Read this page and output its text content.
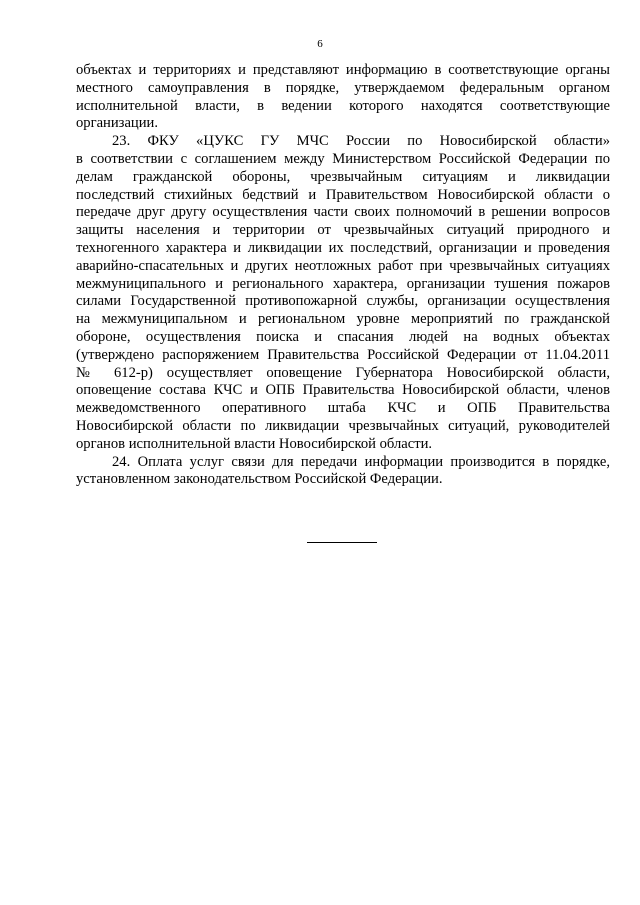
6
объектах и территориях и представляют информацию в соответствующие органы
местного самоуправления в порядке, утверждаемом федеральным органом
исполнительной власти, в ведении которого находятся соответствующие
организации.
23. ФКУ «ЦУКС ГУ МЧС России по Новосибирской области»
в соответствии с соглашением между Министерством Российской Федерации по
делам гражданской обороны, чрезвычайным ситуациям и ликвидации
последствий стихийных бедствий и Правительством Новосибирской области о
передаче друг другу осуществления части своих полномочий в решении вопросов
защиты населения и территории от чрезвычайных ситуаций природного и
техногенного характера и ликвидации их последствий, организации и проведения
аварийно-спасательных и других неотложных работ при чрезвычайных ситуациях
межмуниципального и регионального характера, организации тушения пожаров
силами Государственной противопожарной службы, организации осуществления
на межмуниципальном и региональном уровне мероприятий по гражданской
обороне, осуществления поиска и спасания людей на водных объектах
(утверждено распоряжением Правительства Российской Федерации от 11.04.2011
№ 612-р) осуществляет оповещение Губернатора Новосибирской области,
оповещение состава КЧС и ОПБ Правительства Новосибирской области, членов
межведомственного оперативного штаба КЧС и ОПБ Правительства
Новосибирской области по ликвидации чрезвычайных ситуаций, руководителей
органов исполнительной власти Новосибирской области.
24. Оплата услуг связи для передачи информации производится в порядке,
установленном законодательством Российской Федерации.
